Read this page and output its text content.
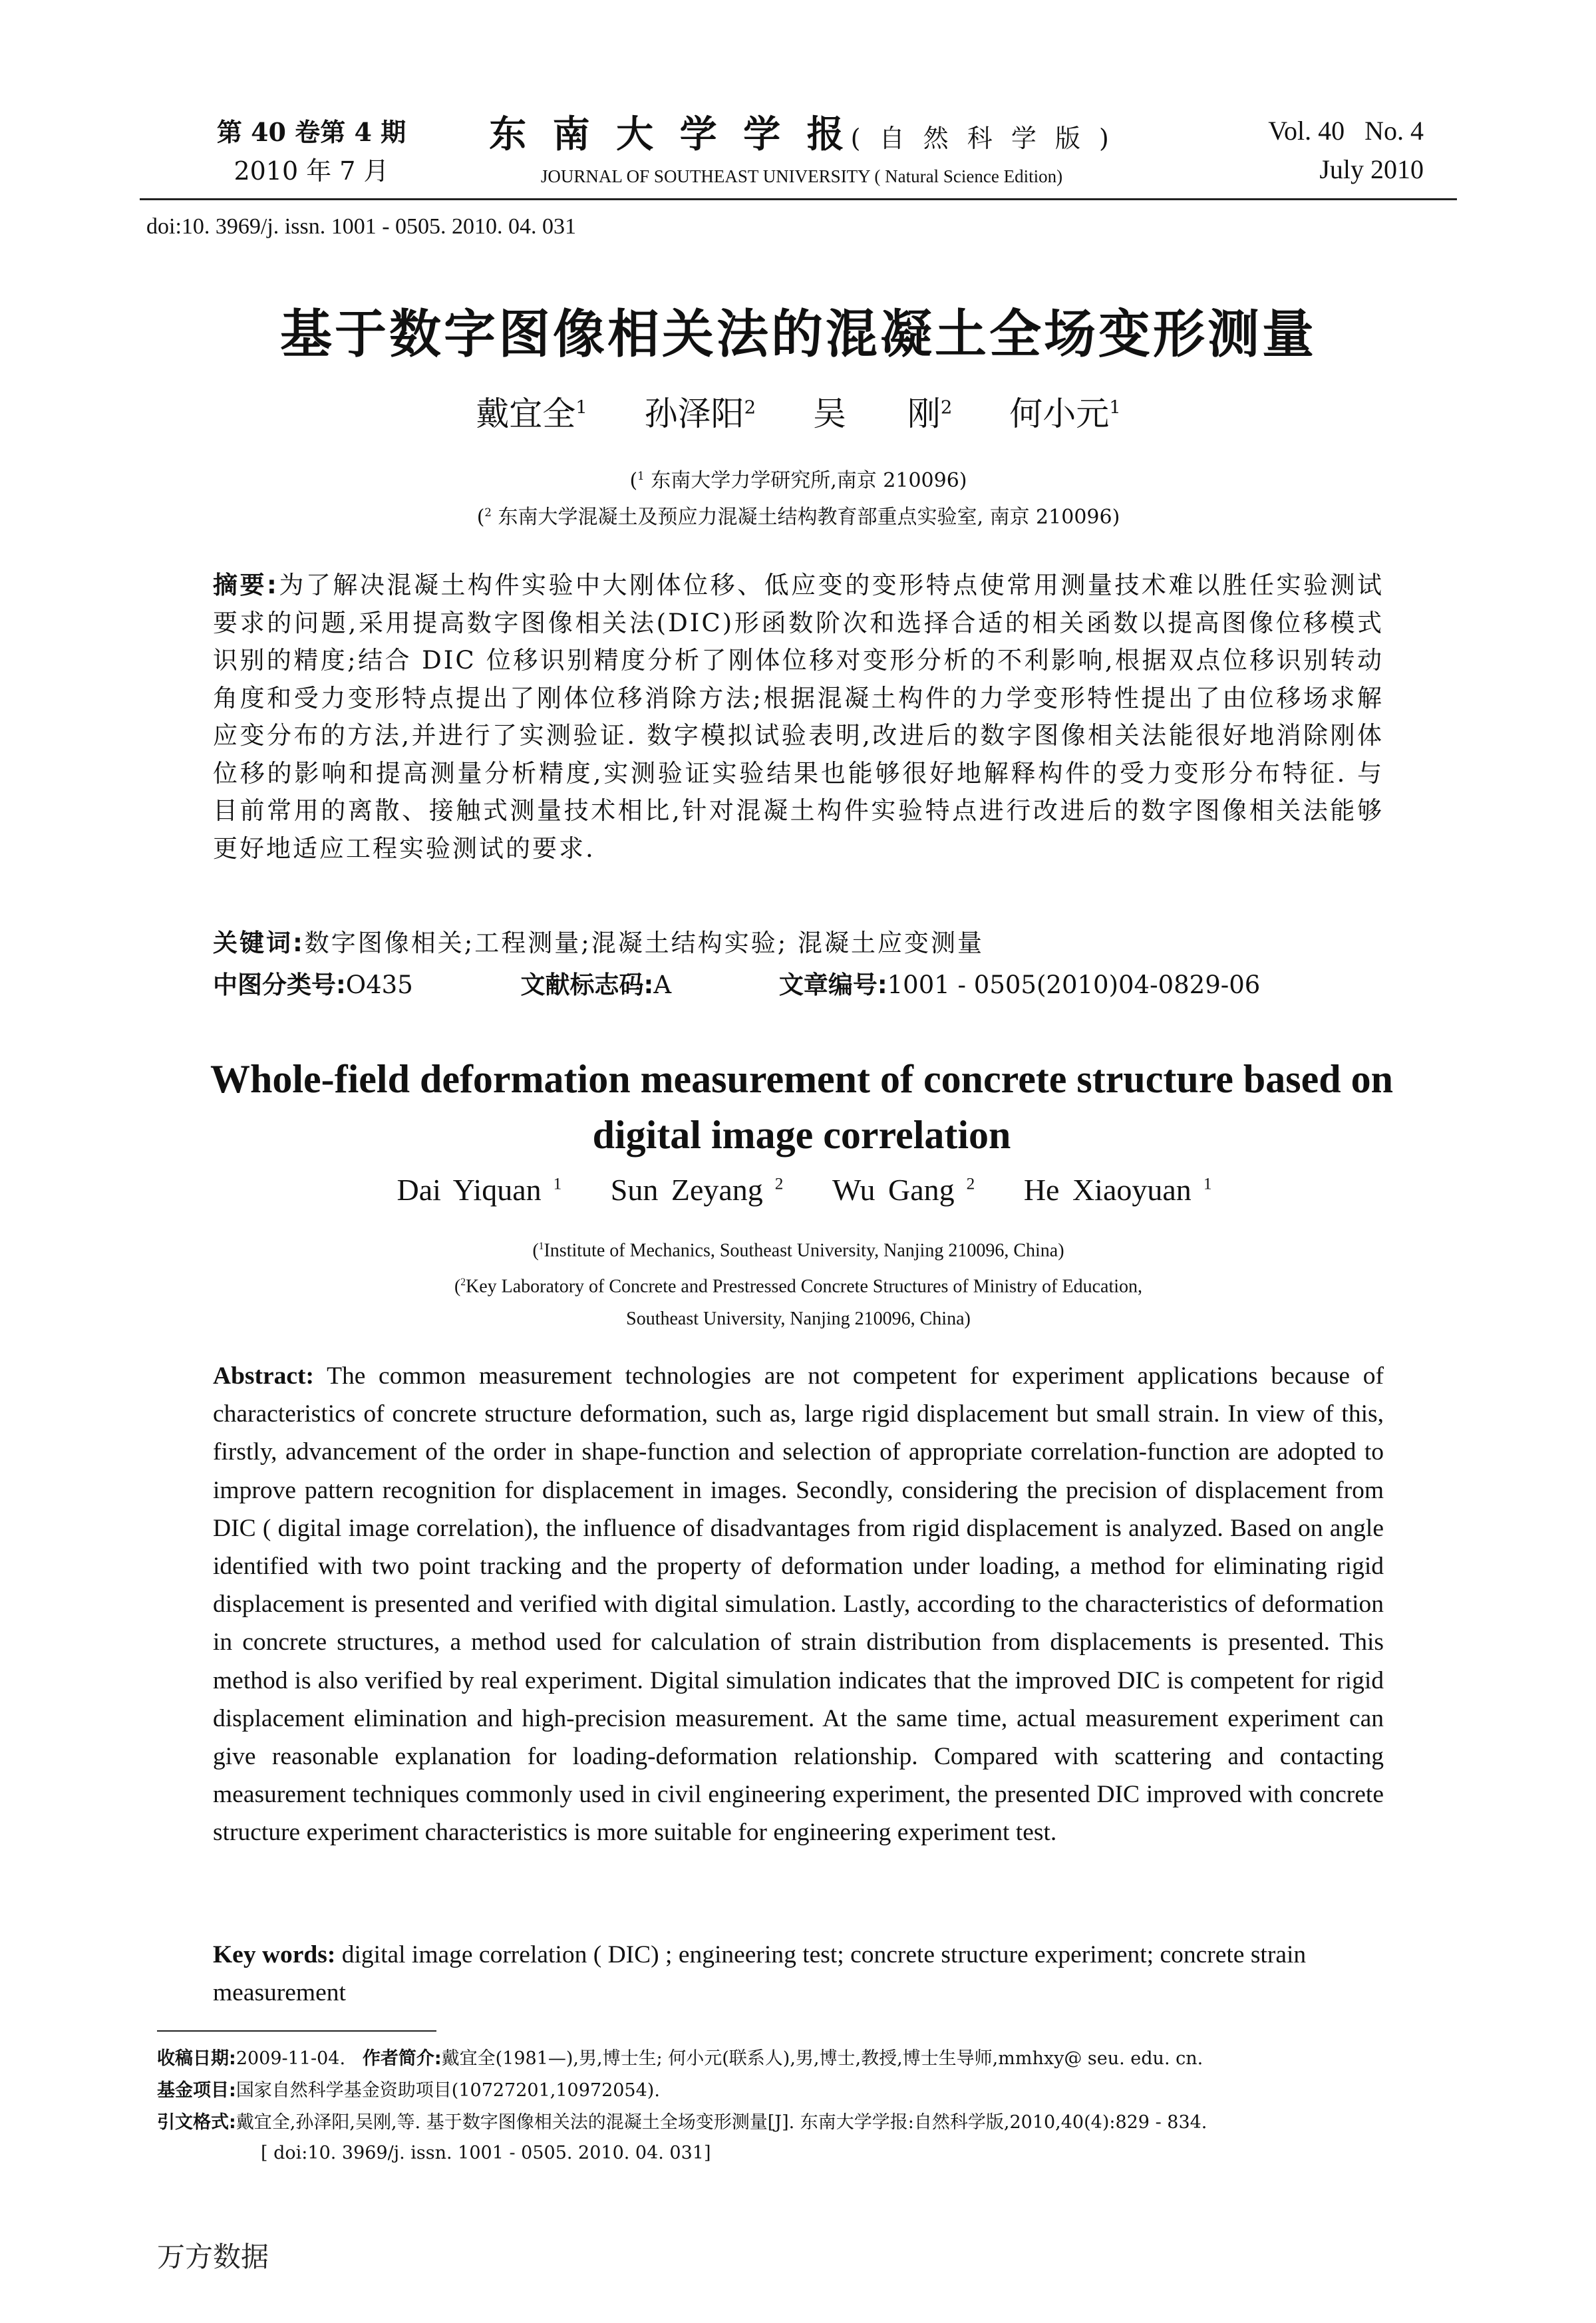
第 40 卷第 4 期
2010 年 7 月
东 南 大 学 学 报( 自 然 科 学 版 )
JOURNAL OF SOUTHEAST UNIVERSITY ( Natural Science Edition)
Vol. 40   No. 4
July 2010
doi:10. 3969/j. issn. 1001 - 0505. 2010. 04. 031
基于数字图像相关法的混凝土全场变形测量
戴宜全$^1$ 孙泽阳$^2$ 吴  刚$^2$ 何小元$^1$
($^1$ 东南大学力学研究所,南京 210096)
($^2$ 东南大学混凝土及预应力混凝土结构教育部重点实验室, 南京 210096)
摘要:为了解决混凝土构件实验中大刚体位移、低应变的变形特点使常用测量技术难以胜任实验测试要求的问题,采用提高数字图像相关法(DIC)形函数阶次和选择合适的相关函数以提高图像位移模式识别的精度;结合 DIC 位移识别精度分析了刚体位移对变形分析的不利影响,根据双点位移识别转动角度和受力变形特点提出了刚体位移消除方法;根据混凝土构件的力学变形特性提出了由位移场求解应变分布的方法,并进行了实测验证. 数字模拟试验表明,改进后的数字图像相关法能很好地消除刚体位移的影响和提高测量分析精度,实测验证实验结果也能够很好地解释构件的受力变形分布特征. 与目前常用的离散、接触式测量技术相比,针对混凝土构件实验特点进行改进后的数字图像相关法能够更好地适应工程实验测试的要求.
关键词:数字图像相关;工程测量;混凝土结构实验; 混凝土应变测量
中图分类号:O435	文献标志码:A	文章编号:1001 - 0505(2010)04-0829-06
Whole-field deformation measurement of concrete structure based on digital image correlation
Dai Yiquan $^1$ Sun Zeyang $^2$ Wu Gang $^2$ He Xiaoyuan $^1$
($^1$Institute of Mechanics, Southeast University, Nanjing 210096, China)
($^2$Key Laboratory of Concrete and Prestressed Concrete Structures of Ministry of Education,
Southeast University, Nanjing 210096, China)
Abstract: The common measurement technologies are not competent for experiment applications because of characteristics of concrete structure deformation, such as, large rigid displacement but small strain. In view of this, firstly, advancement of the order in shape-function and selection of appropriate correlation-function are adopted to improve pattern recognition for displacement in images. Secondly, considering the precision of displacement from DIC ( digital image correlation), the influence of disadvantages from rigid displacement is analyzed. Based on angle identified with two point tracking and the property of deformation under loading, a method for eliminating rigid displacement is presented and verified with digital simulation. Lastly, according to the characteristics of deformation in concrete structures, a method used for calculation of strain distribution from displacements is presented. This method is also verified by real experiment. Digital simulation indicates that the improved DIC is competent for rigid displacement elimination and high-precision measurement. At the same time, actual measurement experiment can give reasonable explanation for loading-deformation relationship. Compared with scattering and contacting measurement techniques commonly used in civil engineering experiment, the presented DIC improved with concrete structure experiment characteristics is more suitable for engineering experiment test.
Key words: digital image correlation ( DIC) ; engineering test; concrete structure experiment; concrete strain measurement
收稿日期:2009-11-04. 作者简介:戴宜全(1981—),男,博士生; 何小元(联系人),男,博士,教授,博士生导师,mmhxy@ seu. edu. cn.
基金项目:国家自然科学基金资助项目(10727201,10972054).
引文格式:戴宜全,孙泽阳,吴刚,等. 基于数字图像相关法的混凝土全场变形测量[J]. 东南大学学报:自然科学版,2010,40(4):829 - 834.
[ doi:10. 3969/j. issn. 1001 - 0505. 2010. 04. 031]
万方数据
